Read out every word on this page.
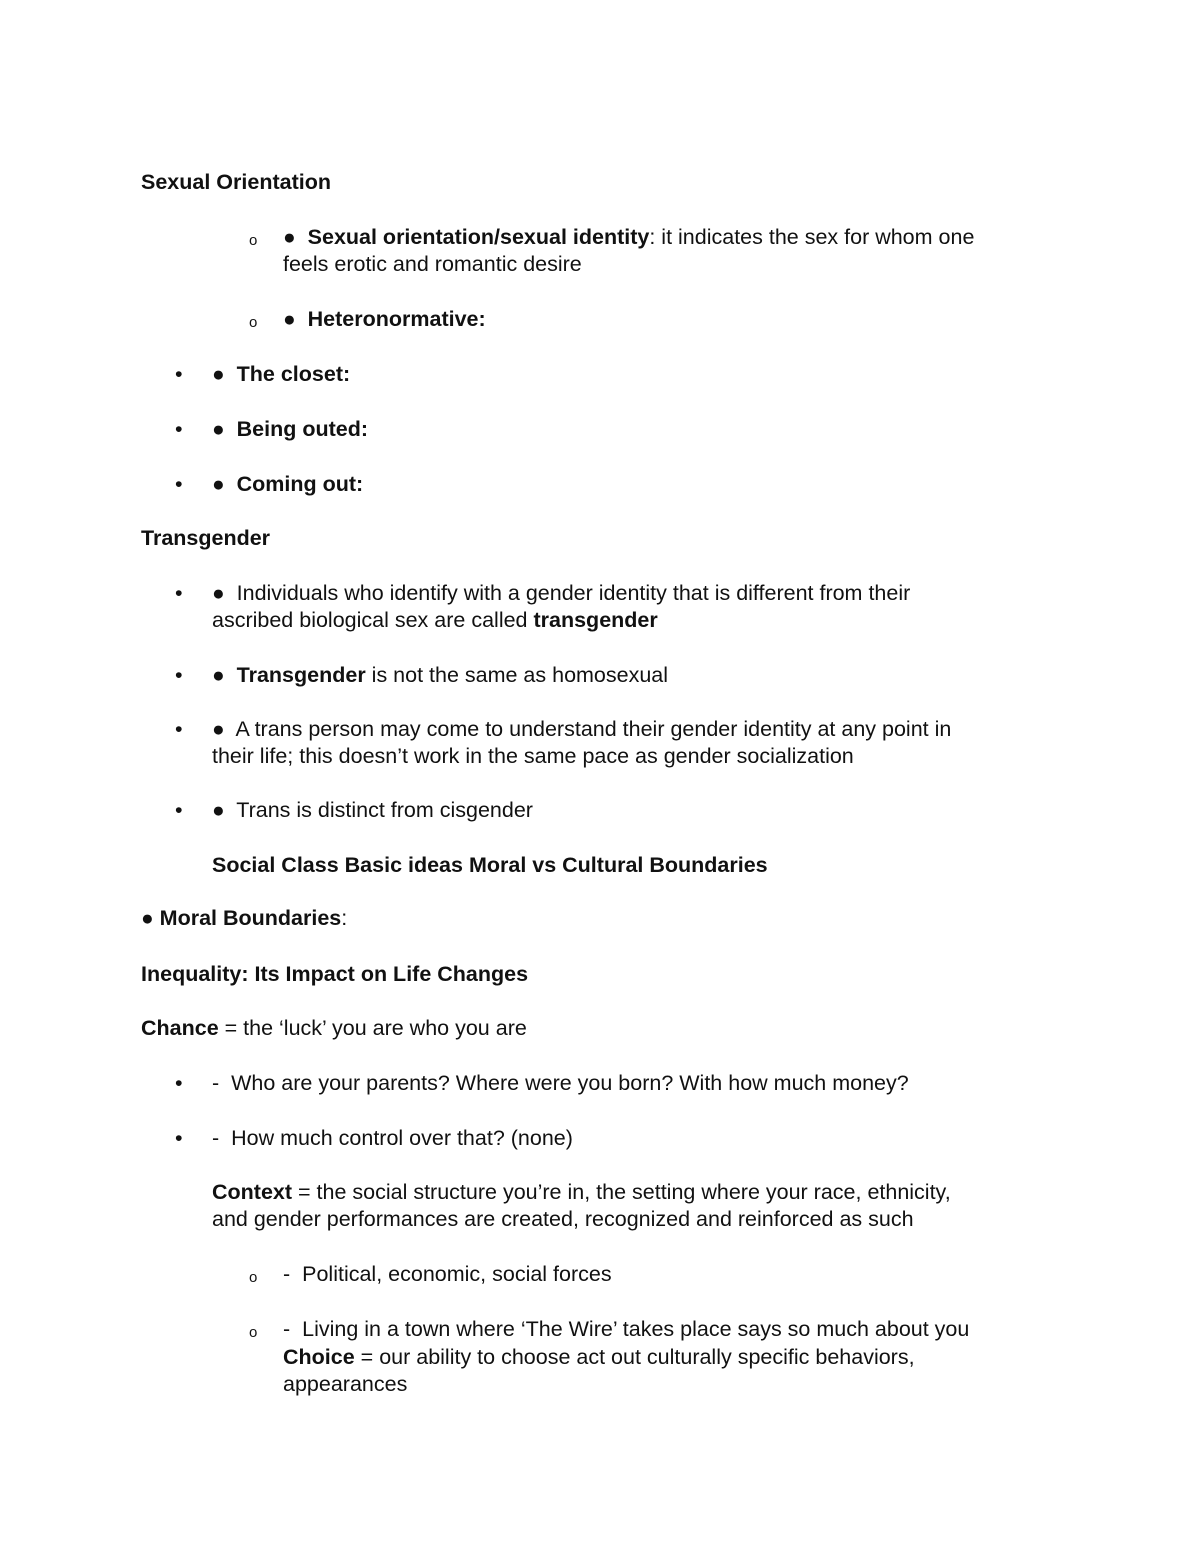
Sexual Orientation
o ● Sexual orientation/sexual identity: it indicates the sex for whom one
feels erotic and romantic desire
o ● Heteronormative:
• ● The closet:
• ● Being outed:
• ● Coming out:
Transgender
• ● Individuals who identify with a gender identity that is different from their
ascribed biological sex are called transgender
• ● Transgender is not the same as homosexual
• ● A trans person may come to understand their gender identity at any point in
their life; this doesn’t work in the same pace as gender socialization
• ● Trans is distinct from cisgender
Social Class Basic ideas Moral vs Cultural Boundaries
● Moral Boundaries:
Inequality: Its Impact on Life Changes
Chance = the ‘luck’ you are who you are
• - Who are your parents? Where were you born? With how much money?
• - How much control over that? (none)
Context = the social structure you’re in, the setting where your race, ethnicity,
and gender performances are created, recognized and reinforced as such
o - Political, economic, social forces
o - Living in a town where ‘The Wire’ takes place says so much about you
Choice = our ability to choose act out culturally specific behaviors,
appearances
